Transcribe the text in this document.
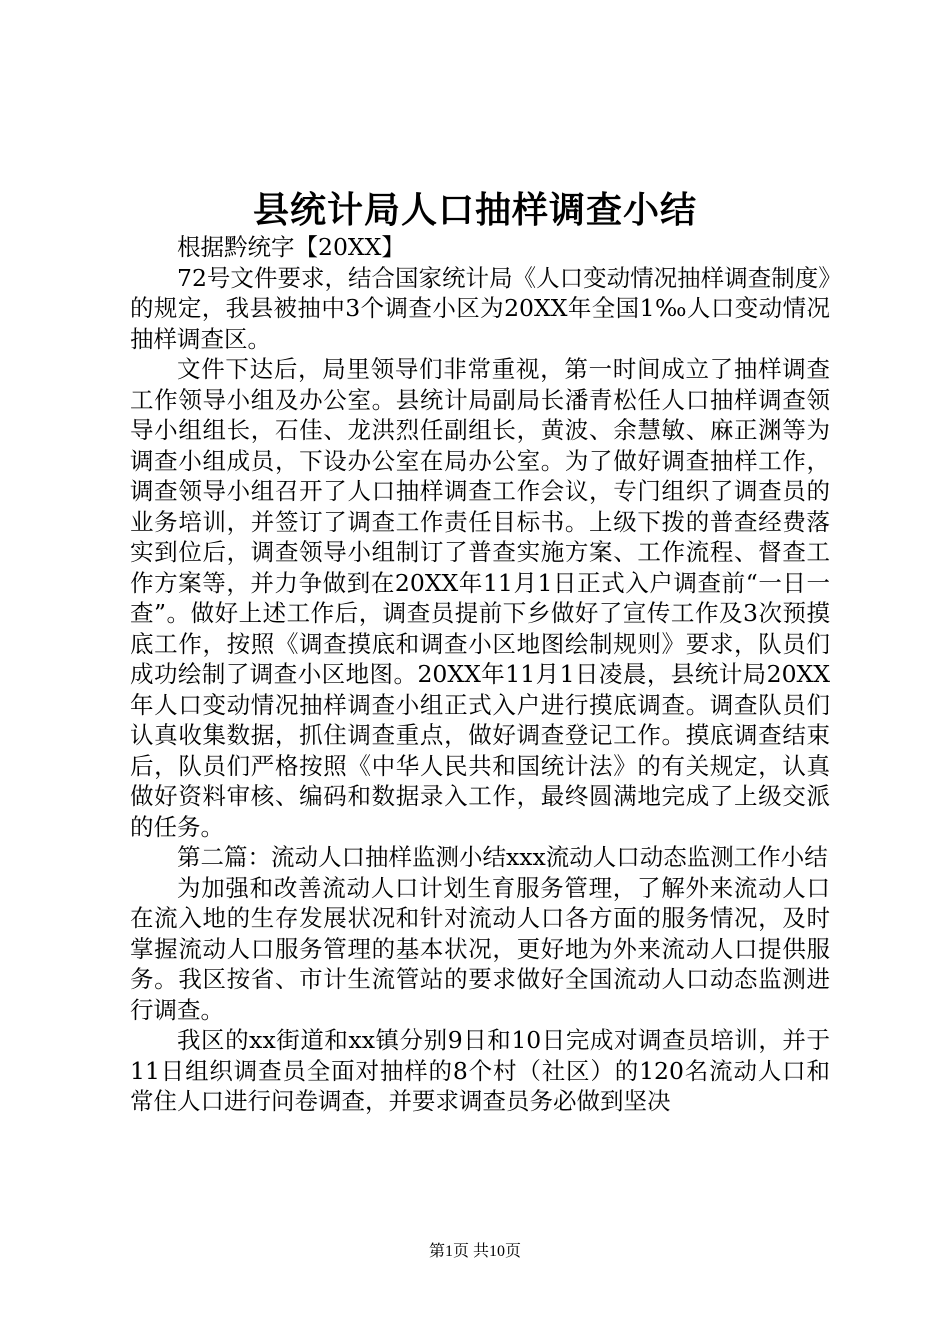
县统计局人口抽样调查小结

根据黔统字【20XX】

72号文件要求，结合国家统计局《人口变动情况抽样调查制度》的规定，我县被抽中3个调查小区为20XX年全国1‰人口变动情况抽样调查区。

文件下达后，局里领导们非常重视，第一时间成立了抽样调查工作领导小组及办公室。县统计局副局长潘青松任人口抽样调查领导小组组长，石佳、龙洪烈任副组长，黄波、余慧敏、麻正渊等为调查小组成员，下设办公室在局办公室。为了做好调查抽样工作，调查领导小组召开了人口抽样调查工作会议，专门组织了调查员的业务培训，并签订了调查工作责任目标书。上级下拨的普查经费落实到位后，调查领导小组制订了普查实施方案、工作流程、督查工作方案等，并力争做到在20XX年11月1日正式入户调查前“一日一查”。做好上述工作后，调查员提前下乡做好了宣传工作及3次预摸底工作，按照《调查摸底和调查小区地图绘制规则》要求，队员们成功绘制了调查小区地图。20XX年11月1日凌晨，县统计局20XX年人口变动情况抽样调查小组正式入户进行摸底调查。调查队员们认真收集数据，抓住调查重点，做好调查登记工作。摸底调查结束后，队员们严格按照《中华人民共和国统计法》的有关规定，认真做好资料审核、编码和数据录入工作，最终圆满地完成了上级交派的任务。

第二篇：流动人口抽样监测小结xxx流动人口动态监测工作小结

为加强和改善流动人口计划生育服务管理，了解外来流动人口在流入地的生存发展状况和针对流动人口各方面的服务情况，及时掌握流动人口服务管理的基本状况，更好地为外来流动人口提供服务。我区按省、市计生流管站的要求做好全国流动人口动态监测进行调查。

我区的xx街道和xx镇分别9日和10日完成对调查员培训，并于11日组织调查员全面对抽样的8个村（社区）的120名流动人口和常住人口进行问卷调查，并要求调查员务必做到坚决

第1页 共10页
